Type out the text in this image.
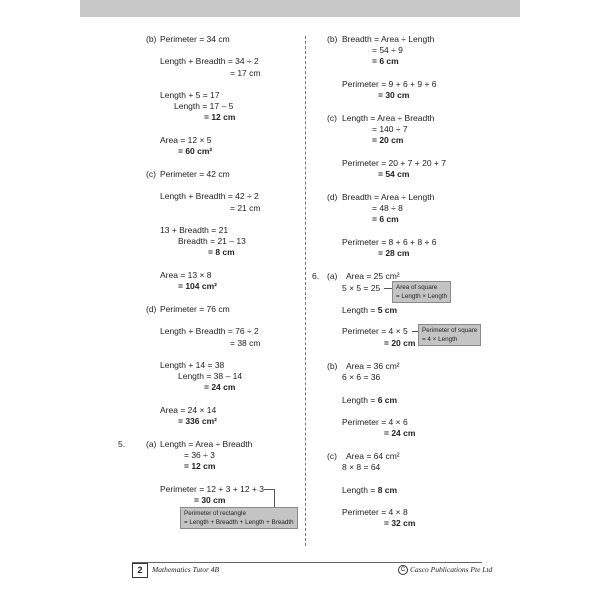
(b) Perimeter = 34 cm
Length + Breadth = 34 ÷ 2
= 17 cm
Length + 5 = 17
Length = 17 – 5
= 12 cm
Area = 12 × 5
= 60 cm²
(c) Perimeter = 42 cm
Length + Breadth = 42 ÷ 2
= 21 cm
13 + Breadth = 21
Breadth = 21 – 13
= 8 cm
Area = 13 × 8
= 104 cm²
(d) Perimeter = 76 cm
Length + Breadth = 76 ÷ 2
= 38 cm
Length + 14 = 38
Length = 38 – 14
= 24 cm
Area = 24 × 14
= 336 cm²
5. (a) Length = Area ÷ Breadth
= 36 ÷ 3
= 12 cm
Perimeter = 12 + 3 + 12 + 3
= 30 cm
Perimeter of rectangle
= Length + Breadth + Length + Breadth
(b) Breadth = Area ÷ Length
= 54 ÷ 9
= 6 cm
Perimeter = 9 + 6 + 9 + 6
= 30 cm
(c) Length = Area ÷ Breadth
= 140 ÷ 7
= 20 cm
Perimeter = 20 + 7 + 20 + 7
= 54 cm
(d) Breadth = Area ÷ Length
= 48 ÷ 8
= 6 cm
Perimeter = 8 + 6 + 8 + 6
= 28 cm
6. (a) Area = 25 cm²
5 × 5 = 25 Area of square
= Length × Length
Length = 5 cm
Perimeter = 4 × 5 Perimeter of square
= 4 × Length
= 20 cm
(b) Area = 36 cm²
6 × 6 = 36
Length = 6 cm
Perimeter = 4 × 6
= 24 cm
(c) Area = 64 cm²
8 × 8 = 64
Length = 8 cm
Perimeter = 4 × 8
= 32 cm
2	Mathematics Tutor 4B	C Casco Publications Pte Ltd
